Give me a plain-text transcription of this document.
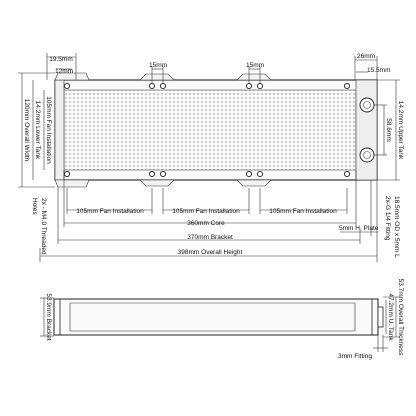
19.5mm
12mm
15mm	15mm
26mm
15.5mm
105mm Fan Installation
14.2mm Lower Tank
120mm Overall Width	14.2mm Upper Tank
58.6mm
2x - M4.0 Threaded
Holes	105mm Fan Installation	105mm Fan Installation	105mm Fan Installation
5mm H. Plate 2x-G 1/4 Fitting 18.5mm OD x 5mm L
360mm Core
370mm Bracket
398mm Overall Height
53.9mm Bracket	53.7mm Overall Thickness
47.2mm U. Tank
3mm Fitting
